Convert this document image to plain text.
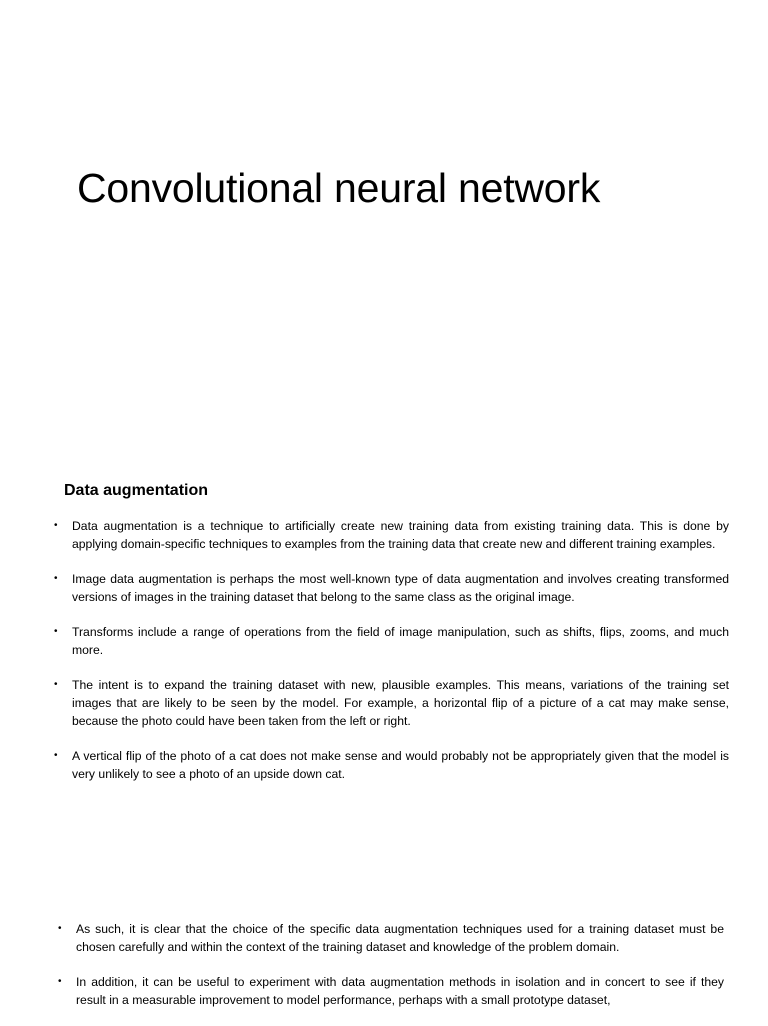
Convolutional neural network
Data augmentation
• Data augmentation is a technique to artificially create new training data from existing training data. This is done by applying domain-specific techniques to examples from the training data that create new and different training examples.
• Image data augmentation is perhaps the most well-known type of data augmentation and involves creating transformed versions of images in the training dataset that belong to the same class as the original image.
• Transforms include a range of operations from the field of image manipulation, such as shifts, flips, zooms, and much more.
• The intent is to expand the training dataset with new, plausible examples. This means, variations of the training set images that are likely to be seen by the model. For example, a horizontal flip of a picture of a cat may make sense, because the photo could have been taken from the left or right.
• A vertical flip of the photo of a cat does not make sense and would probably not be appropriately given that the model is very unlikely to see a photo of an upside down cat.
• As such, it is clear that the choice of the specific data augmentation techniques used for a training dataset must be chosen carefully and within the context of the training dataset and knowledge of the problem domain.
• In addition, it can be useful to experiment with data augmentation methods in isolation and in concert to see if they result in a measurable improvement to model performance, perhaps with a small prototype dataset,
